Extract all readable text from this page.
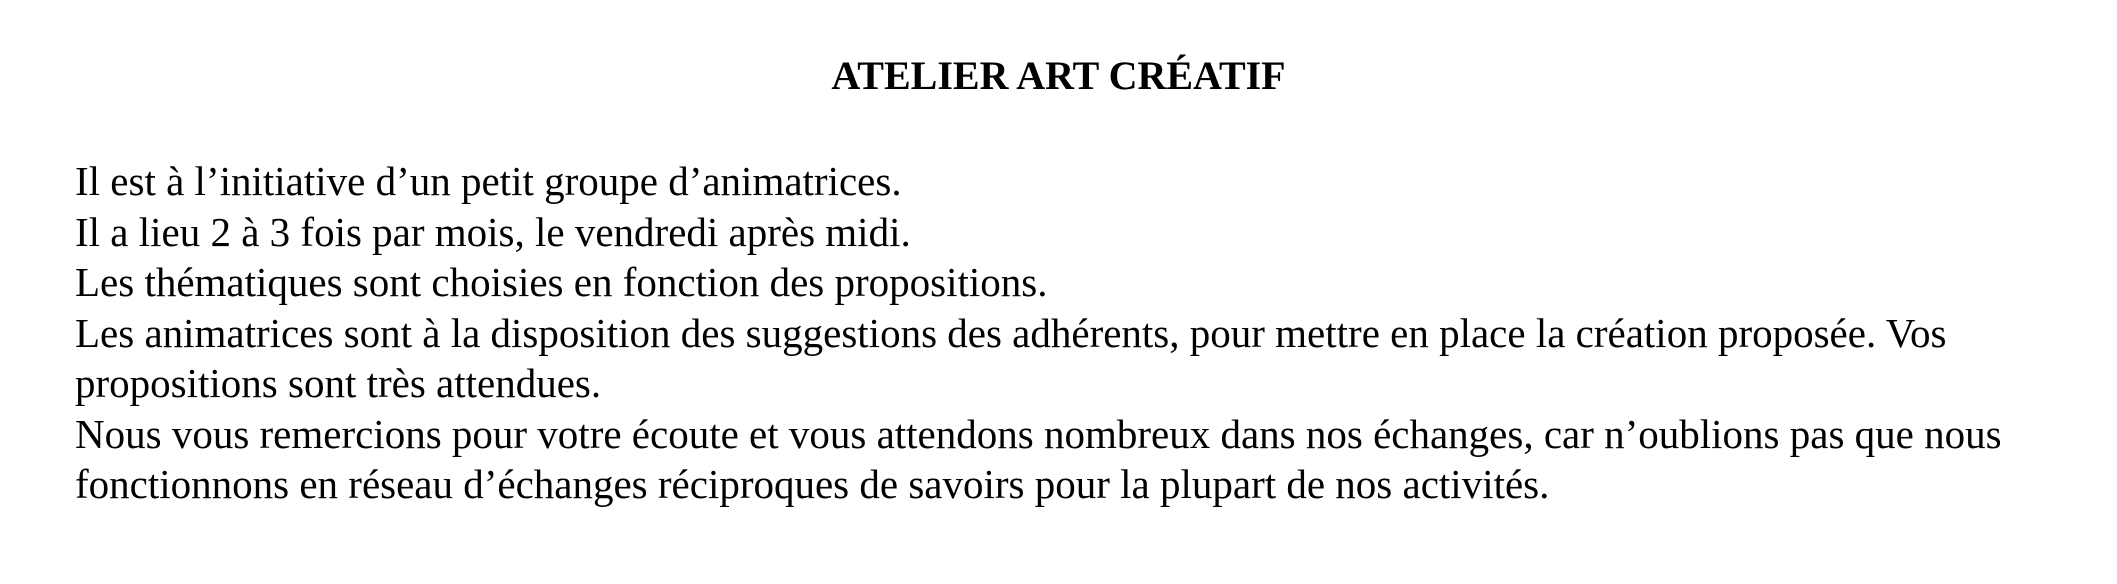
ATELIER ART CRÉATIF

Il est à l’initiative d’un petit groupe d’animatrices.

Il a lieu 2 à 3 fois par mois, le vendredi après midi.

Les thématiques sont choisies en fonction des propositions.

Les animatrices sont à la disposition des suggestions des adhérents, pour mettre en place la création proposée. Vos propositions sont très attendues.

Nous vous remercions pour votre écoute et vous attendons nombreux dans nos échanges, car n’oublions pas que nous fonctionnons en réseau d’échanges réciproques de savoirs pour la plupart de nos activités.
